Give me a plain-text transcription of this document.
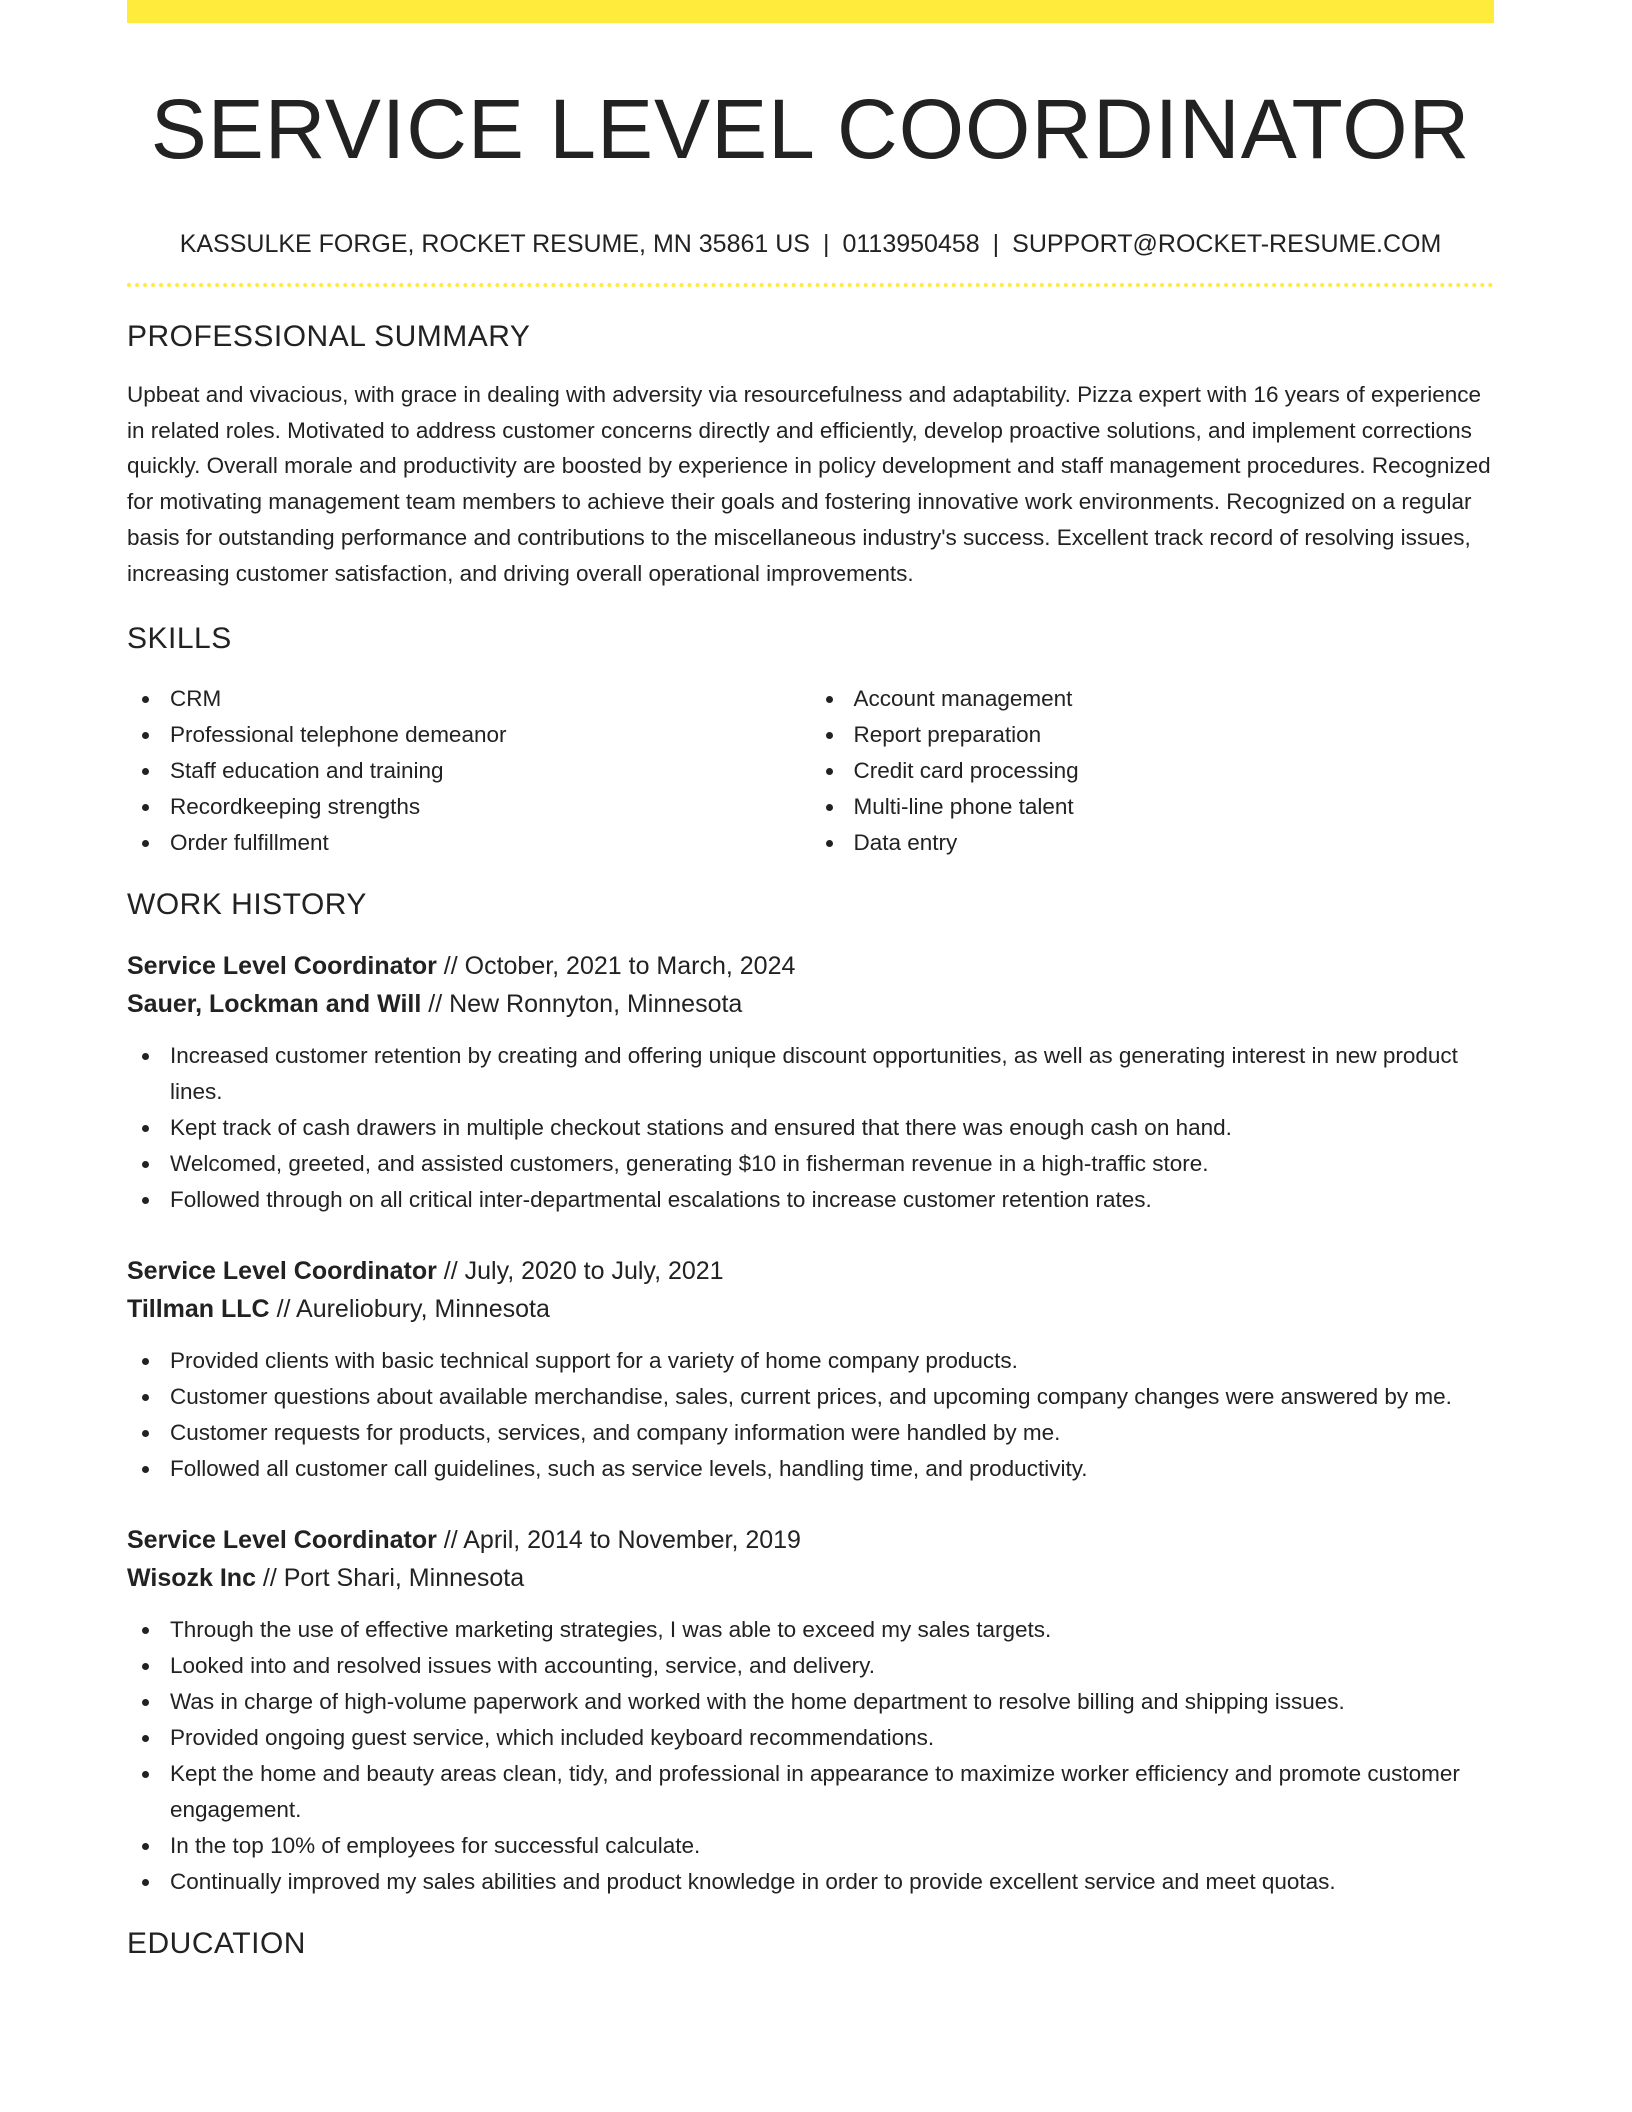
SERVICE LEVEL COORDINATOR
KASSULKE FORGE, ROCKET RESUME, MN 35861 US | 0113950458 | SUPPORT@ROCKET-RESUME.COM
PROFESSIONAL SUMMARY
Upbeat and vivacious, with grace in dealing with adversity via resourcefulness and adaptability. Pizza expert with 16 years of experience in related roles. Motivated to address customer concerns directly and efficiently, develop proactive solutions, and implement corrections quickly. Overall morale and productivity are boosted by experience in policy development and staff management procedures. Recognized for motivating management team members to achieve their goals and fostering innovative work environments. Recognized on a regular basis for outstanding performance and contributions to the miscellaneous industry's success. Excellent track record of resolving issues, increasing customer satisfaction, and driving overall operational improvements.
SKILLS
CRM
Professional telephone demeanor
Staff education and training
Recordkeeping strengths
Order fulfillment
Account management
Report preparation
Credit card processing
Multi-line phone talent
Data entry
WORK HISTORY
Service Level Coordinator // October, 2021 to March, 2024
Sauer, Lockman and Will // New Ronnyton, Minnesota
Increased customer retention by creating and offering unique discount opportunities, as well as generating interest in new product lines.
Kept track of cash drawers in multiple checkout stations and ensured that there was enough cash on hand.
Welcomed, greeted, and assisted customers, generating $10 in fisherman revenue in a high-traffic store.
Followed through on all critical inter-departmental escalations to increase customer retention rates.
Service Level Coordinator // July, 2020 to July, 2021
Tillman LLC // Aureliobury, Minnesota
Provided clients with basic technical support for a variety of home company products.
Customer questions about available merchandise, sales, current prices, and upcoming company changes were answered by me.
Customer requests for products, services, and company information were handled by me.
Followed all customer call guidelines, such as service levels, handling time, and productivity.
Service Level Coordinator // April, 2014 to November, 2019
Wisozk Inc // Port Shari, Minnesota
Through the use of effective marketing strategies, I was able to exceed my sales targets.
Looked into and resolved issues with accounting, service, and delivery.
Was in charge of high-volume paperwork and worked with the home department to resolve billing and shipping issues.
Provided ongoing guest service, which included keyboard recommendations.
Kept the home and beauty areas clean, tidy, and professional in appearance to maximize worker efficiency and promote customer engagement.
In the top 10% of employees for successful calculate.
Continually improved my sales abilities and product knowledge in order to provide excellent service and meet quotas.
EDUCATION
